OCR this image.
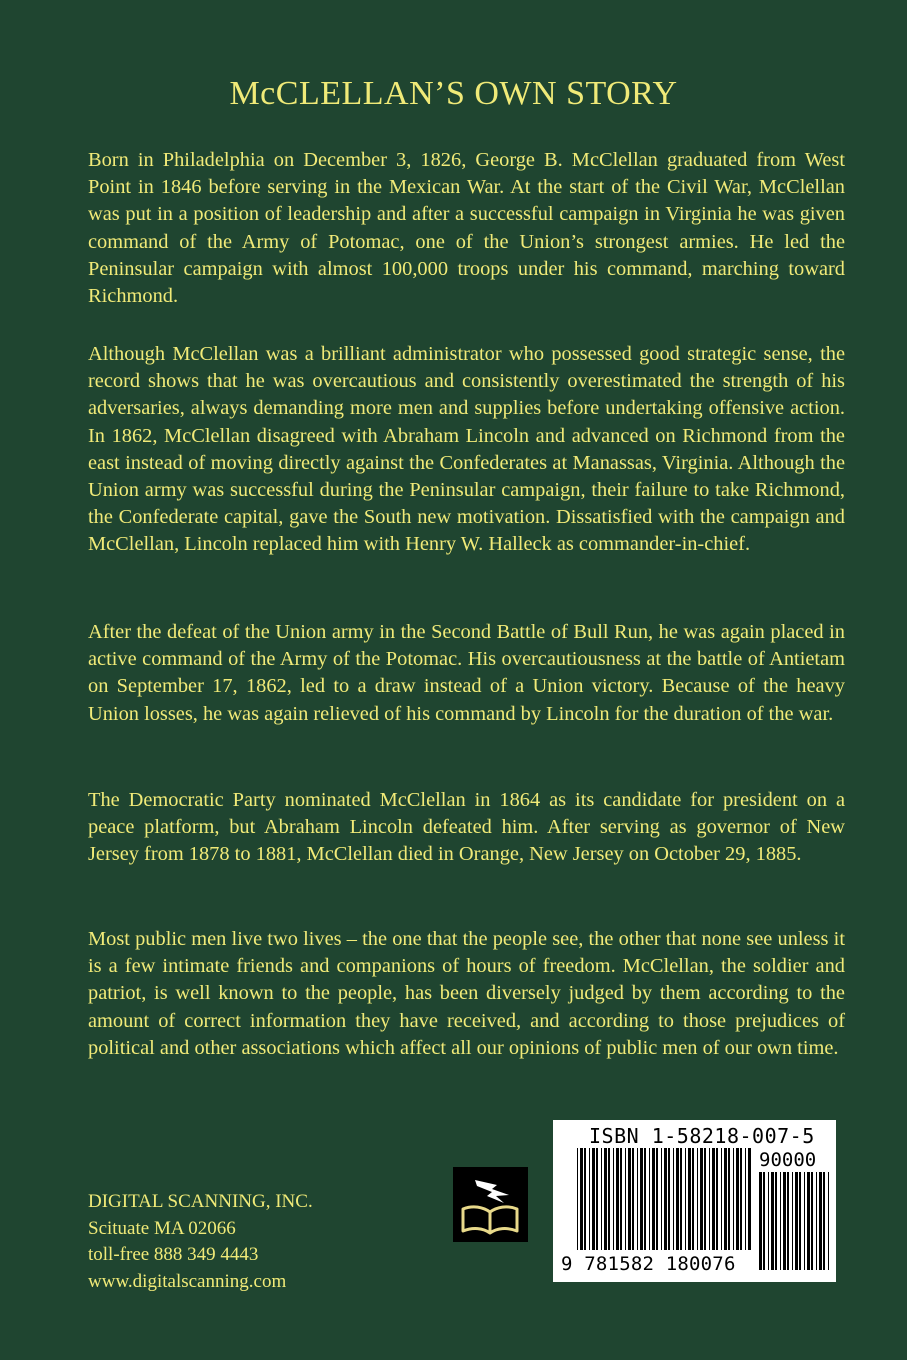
McCLELLAN’S OWN STORY

Born in Philadelphia on December 3, 1826, George B. McClellan graduated from West Point in 1846 before serving in the Mexican War. At the start of the Civil War, McClellan was put in a position of leadership and after a successful campaign in Virginia he was given command of the Army of Potomac, one of the Union’s strongest armies. He led the Peninsular campaign with almost 100,000 troops under his command, marching toward Richmond.

Although McClellan was a brilliant administrator who possessed good strategic sense, the record shows that he was overcautious and consistently overestimated the strength of his adversaries, always demanding more men and supplies before undertaking offensive action. In 1862, McClellan disagreed with Abraham Lincoln and advanced on Richmond from the east instead of moving directly against the Confederates at Manassas, Virginia. Although the Union army was successful during the Peninsular campaign, their failure to take Richmond, the Confederate capital, gave the South new motivation. Dissatisfied with the campaign and McClellan, Lincoln replaced him with Henry W. Halleck as commander-in-chief.

After the defeat of the Union army in the Second Battle of Bull Run, he was again placed in active command of the Army of the Potomac. His overcautiousness at the battle of Antietam on September 17, 1862, led to a draw instead of a Union victory. Because of the heavy Union losses, he was again relieved of his command by Lincoln for the duration of the war.

The Democratic Party nominated McClellan in 1864 as its candidate for president on a peace platform, but Abraham Lincoln defeated him. After serving as governor of New Jersey from 1878 to 1881, McClellan died in Orange, New Jersey on October 29, 1885.

Most public men live two lives – the one that the people see, the other that none see unless it is a few intimate friends and companions of hours of freedom. McClellan, the soldier and patriot, is well known to the people, has been diversely judged by them according to the amount of correct information they have received, and according to those prejudices of political and other associations which affect all our opinions of public men of our own time.

DIGITAL SCANNING, INC.
Scituate MA 02066
toll-free 888 349 4443
www.digitalscanning.com
ISBN 1-58218-007-5
90000
9 781582 180076
